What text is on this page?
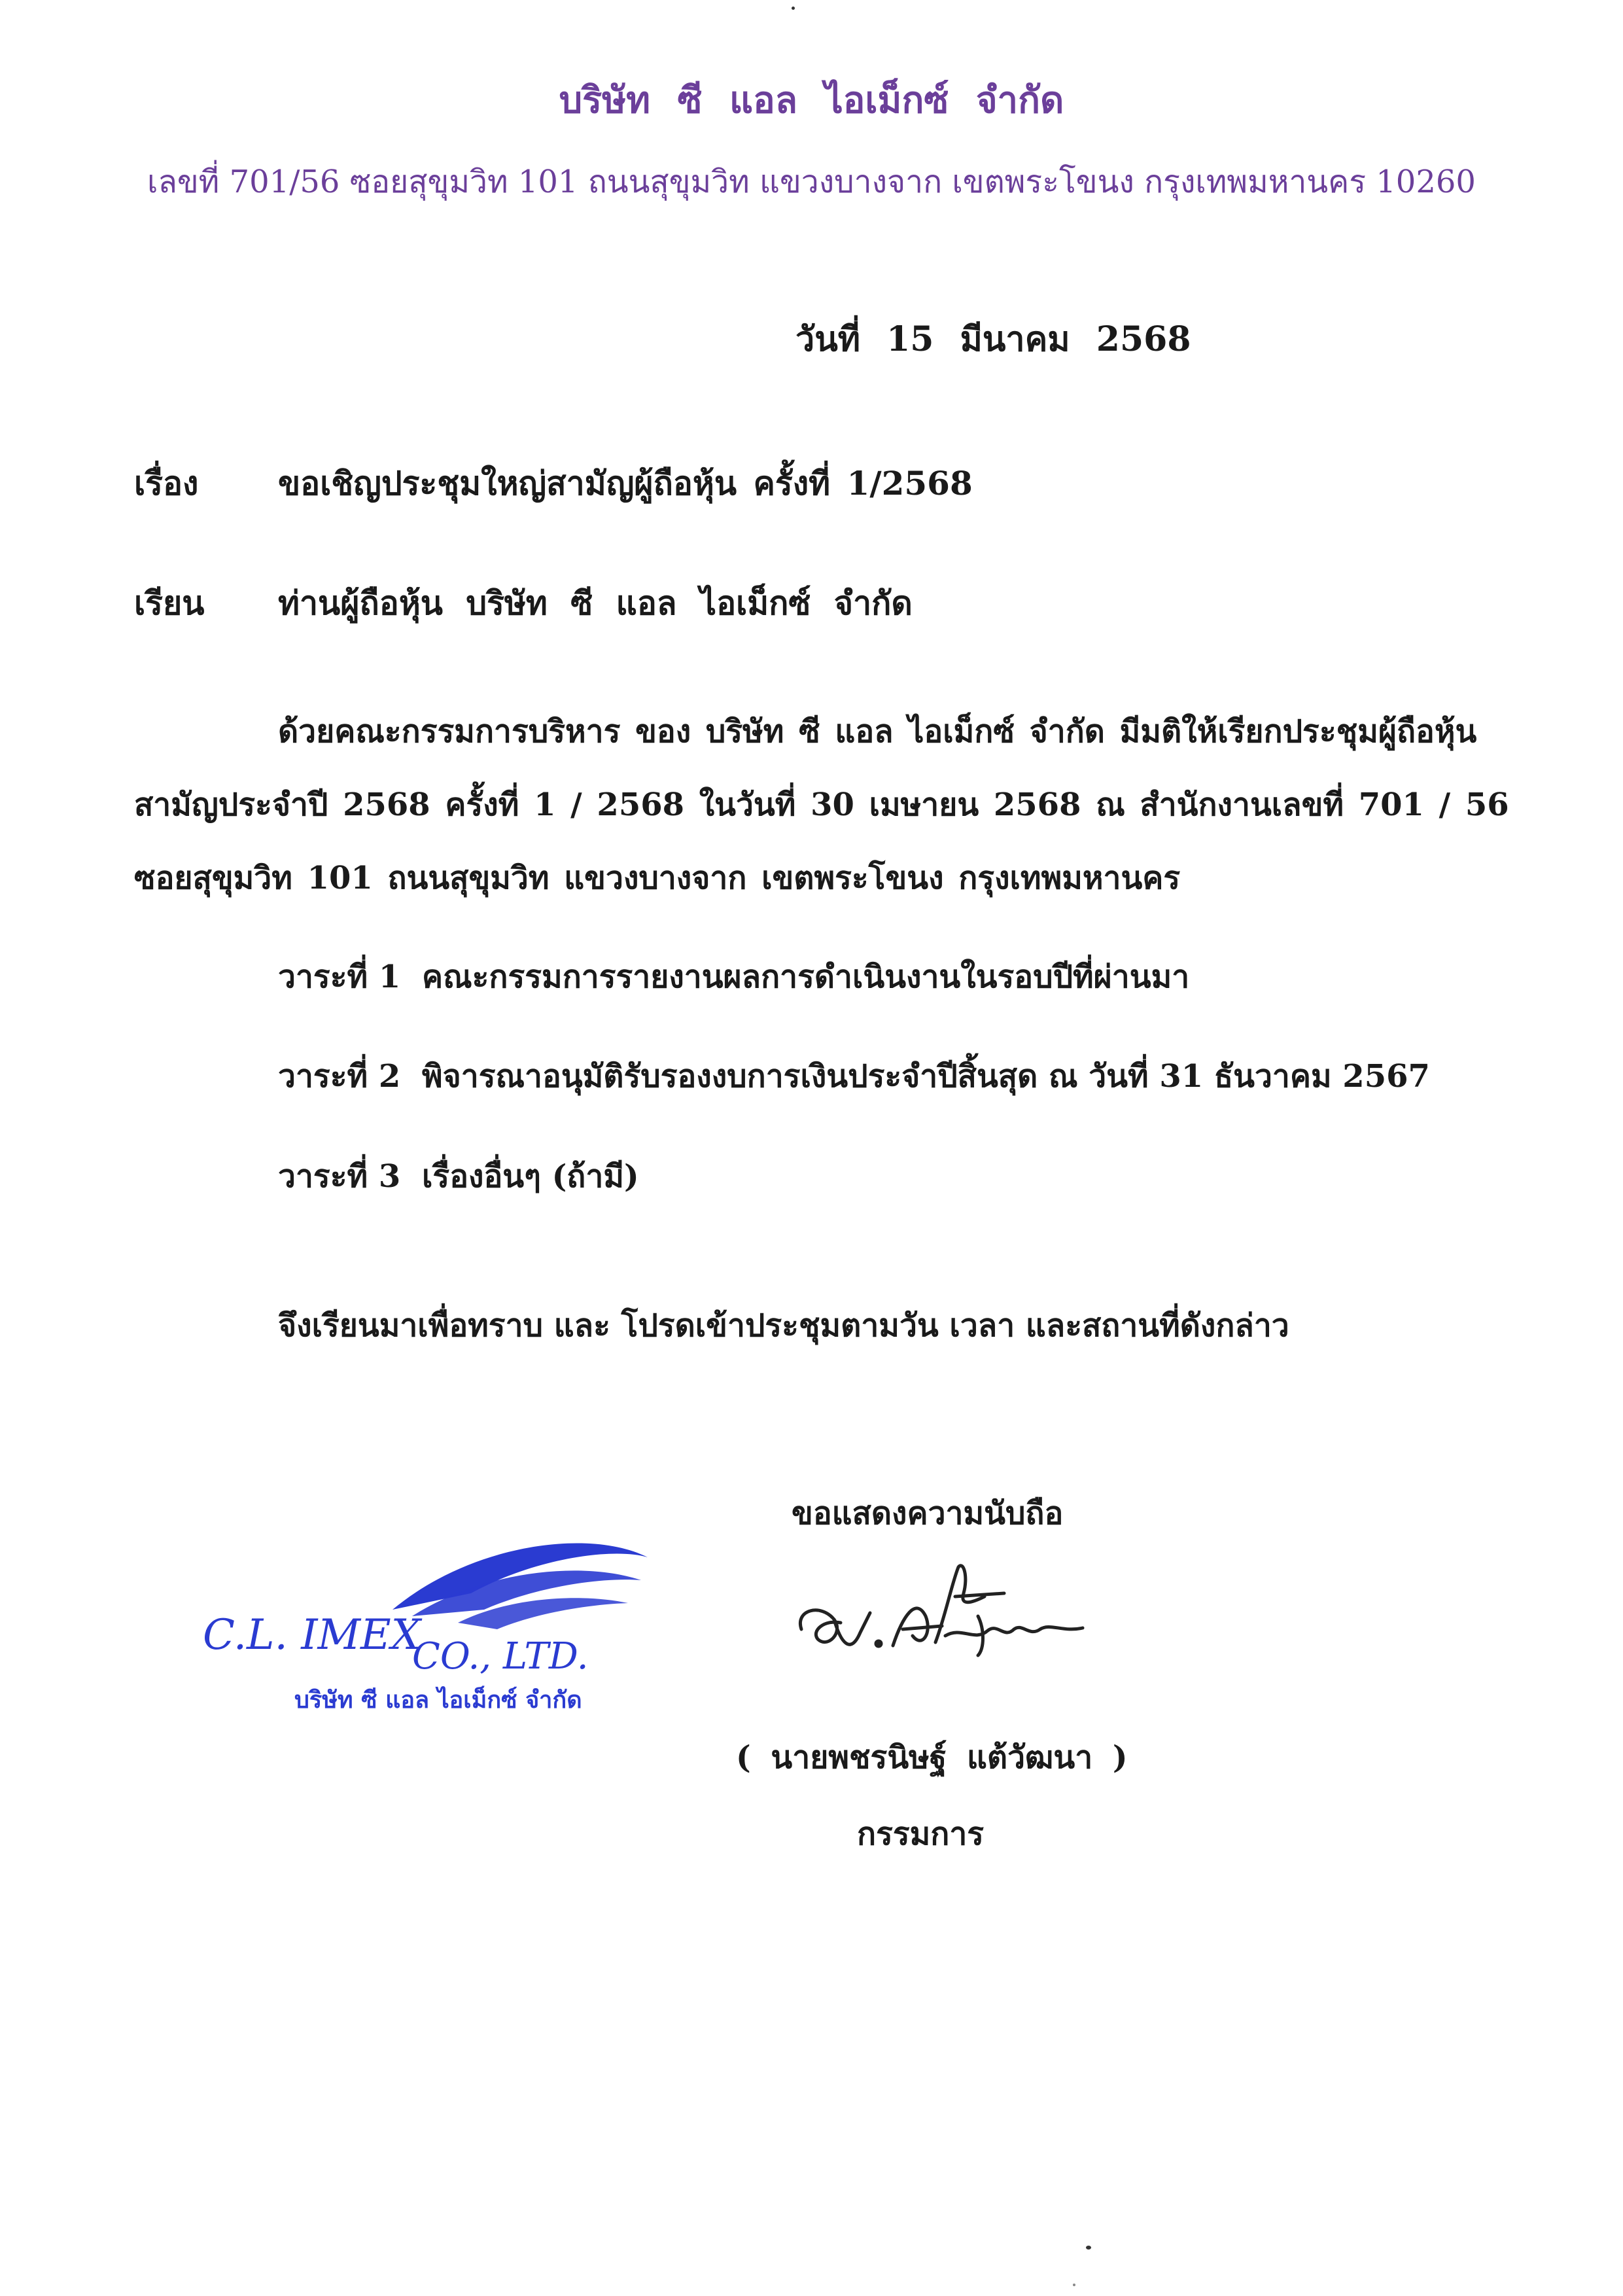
บริษัท ซี แอล ไอเม็กซ์ จำกัด
เลขที่ 701/56 ซอยสุขุมวิท 101 ถนนสุขุมวิท แขวงบางจาก เขตพระโขนง กรุงเทพมหานคร 10260
วันที่ 15 มีนาคม 2568
เรื่อง ขอเชิญประชุมใหญ่สามัญผู้ถือหุ้น ครั้งที่ 1/2568
เรียน ท่านผู้ถือหุ้น บริษัท ซี แอล ไอเม็กซ์ จำกัด
ด้วยคณะกรรมการบริหาร ของ บริษัท ซี แอล ไอเม็กซ์ จำกัด มีมติให้เรียกประชุมผู้ถือหุ้น
สามัญประจำปี 2568 ครั้งที่ 1 / 2568 ในวันที่ 30 เมษายน 2568 ณ สำนักงานเลขที่ 701 / 56
ซอยสุขุมวิท 101 ถนนสุขุมวิท แขวงบางจาก เขตพระโขนง กรุงเทพมหานคร
วาระที่ 1 คณะกรรมการรายงานผลการดำเนินงานในรอบปีที่ผ่านมา
วาระที่ 2 พิจารณาอนุมัติรับรองงบการเงินประจำปีสิ้นสุด ณ วันที่ 31 ธันวาคม 2567
วาระที่ 3 เรื่องอื่นๆ (ถ้ามี)
จึงเรียนมาเพื่อทราบ และ โปรดเข้าประชุมตามวัน เวลา และสถานที่ดังกล่าว
ขอแสดงความนับถือ
( นายพชรนิษฐ์ แต้วัฒนา )
กรรมการ
C.L. IMEX
CO., LTD.
บริษัท ซี แอล ไอเม็กซ์ จำกัด
